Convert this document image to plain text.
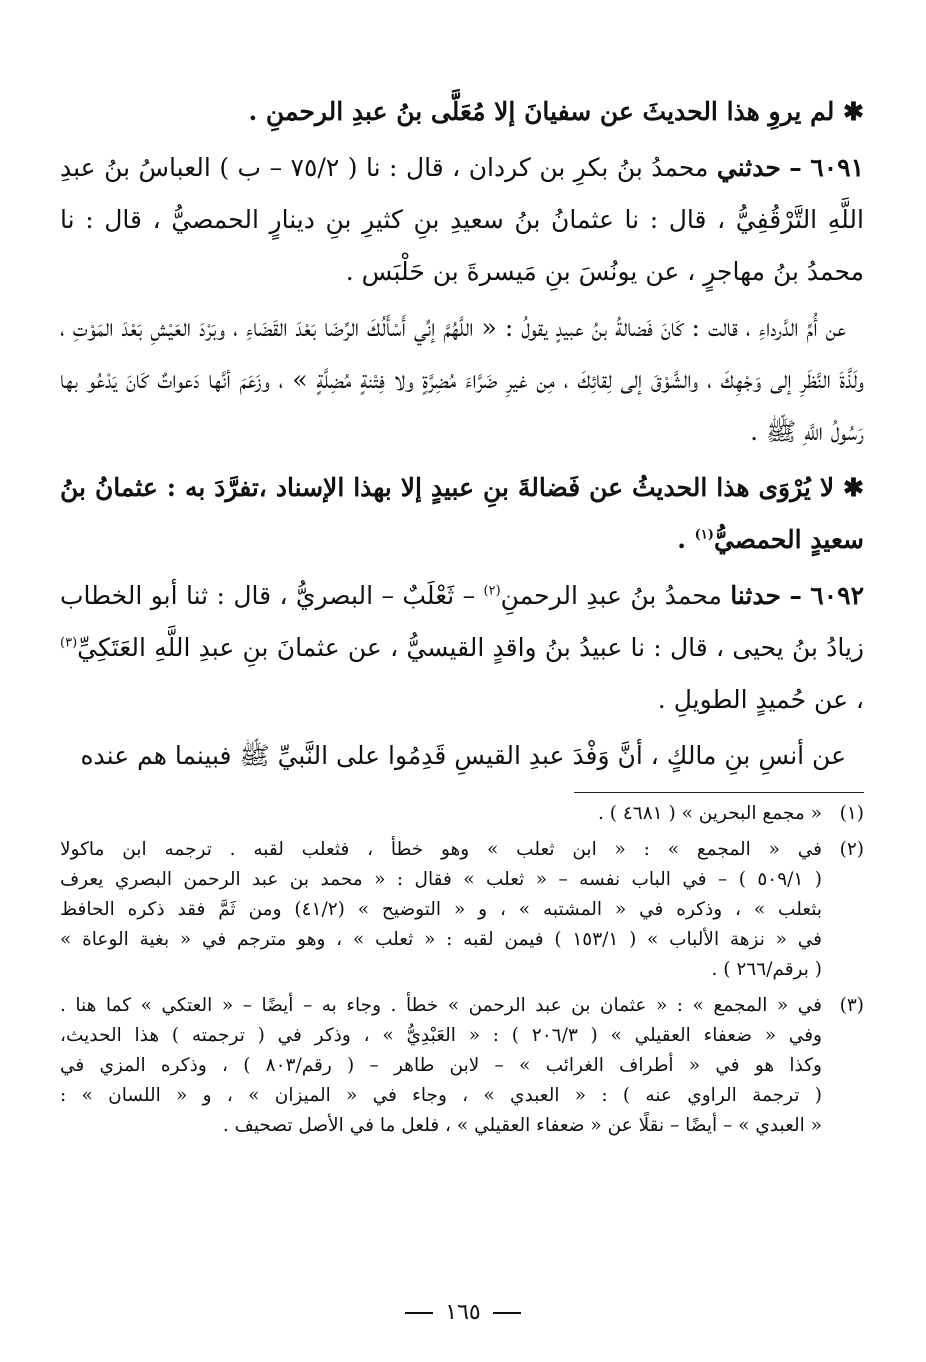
✱ لم يروِ هذا الحديثَ عن سفيانَ إلا مُعَلَّى بنُ عبدِ الرحمنِ .

٦٠٩١ – حدثني محمدُ بنُ بكرِ بن كردان ، قال : نا ( ٧٥/٢ – ب ) العباسُ بنُ عبدِ اللَّهِ التَّرْقُفِيُّ ، قال : نا عثمانُ بنُ سعيدِ بنِ كثيرِ بنِ دينارٍ الحمصيُّ ، قال : نا محمدُ بنُ مهاجرٍ ، عن يونُسَ بنِ مَيسرةَ بن حَلْبَس .

عن أُمِّ الدَّرداءِ ، قالت : كَانَ فَضالةُ بنُ عبيدٍ يقولُ : « اللَّهُمَّ إنِّي أَسْأَلُكَ الرِّضَا بَعْدَ القَضَاءِ ، وبَرْدَ العَيْشِ بَعْدَ المَوْتِ ، ولَذَّةَ النَّظَرِ إلى وَجْهِكَ ، والشَّوْقَ إلى لِقائِكَ ، مِن غيرِ ضَرَّاءَ مُضِرَّةٍ ولا فِتْنةٍ مُضِلَّةٍ » ، وزَعَمَ أنَّها دَعواتٌ كَانَ يَدْعُو بها رَسُولُ اللَّهِ ﷺ .

✱ لا يُرْوَى هذا الحديثُ عن فَضالةَ بنِ عبيدٍ إلا بهذا الإسناد ،تفرَّدَ به : عثمانُ بنُ سعيدٍ الحمصيُّ$^{(١)}$ .

٦٠٩٢ – حدثنا محمدُ بنُ عبدِ الرحمنِ$^{(٢)}$ – ثَعْلَبٌ – البصريُّ ، قال : ثنا أبو الخطاب زيادُ بنُ يحيى ، قال : نا عبيدُ بنُ واقدٍ القيسيُّ ، عن عثمانَ بنِ عبدِ اللَّهِ العَتَكِيِّ$^{(٣)}$ ، عن حُميدٍ الطويلِ .

عن أنسِ بنِ مالكٍ ، أنَّ وَفْدَ عبدِ القيسِ قَدِمُوا على النَّبيِّ ﷺ فبينما هم عنده

(١)
« مجمع البحرين » ( ٤٦٨١ ) .
(٢)
في « المجمع » : « ابن ثعلب » وهو خطأ ، فثعلب لقبه . ترجمه ابن ماكولا
( ٥٠٩/١ ) – في الباب نفسه – « ثعلب » فقال : « محمد بن عبد الرحمن البصري يعرف
بثعلب » ، وذكره في « المشتبه » ، و « التوضيح » (٤١/٢) ومن ثَمَّ فقد ذكره الحافظ
في « نزهة الألباب » ( ١٥٣/١ ) فيمن لقبه : « ثعلب » ، وهو مترجم في « بغية الوعاة »
( برقم/٢٦٦ ) .
(٣)
في « المجمع » : « عثمان بن عبد الرحمن » خطأ . وجاء به – أيضًا – « العتكي » كما هنا .
وفي « ضعفاء العقيلي » ( ٢٠٦/٣ ) : « العَبْدِيُّ » ، وذكر في ( ترجمته ) هذا الحديث،
وكذا هو في « أطراف الغرائب » – لابن طاهر – ( رقم/٨٠٣ ) ، وذكره المزي في
( ترجمة الراوي عنه ) : « العبدي » ، وجاء في « الميزان » ، و « اللسان » :
« العبدي » – أيضًا – نقلًا عن « ضعفاء العقيلي » ، فلعل ما في الأصل تصحيف .
١٦٥
